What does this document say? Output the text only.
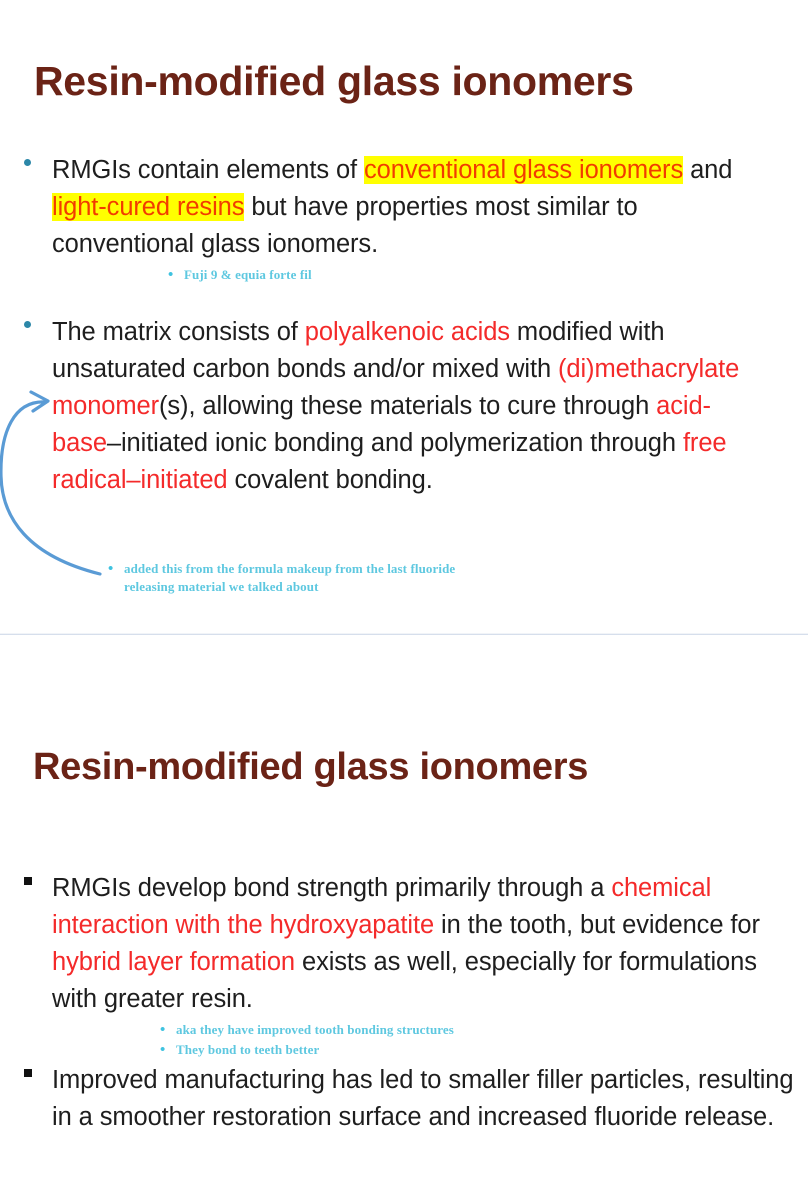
Resin-modified glass ionomers
RMGIs contain elements of conventional glass ionomers and light-cured resins but have properties most similar to conventional glass ionomers.
• Fuji 9 & equia forte fil
The matrix consists of polyalkenoic acids modified with unsaturated carbon bonds and/or mixed with (di)methacrylate monomer(s), allowing these materials to cure through acid-base–initiated ionic bonding and polymerization through free radical–initiated covalent bonding.
• added this from the formula makeup from the last fluoride
releasing material we talked about
Resin-modified glass ionomers
RMGIs develop bond strength primarily through a chemical interaction with the hydroxyapatite in the tooth, but evidence for hybrid layer formation exists as well, especially for formulations with greater resin.
• aka they have improved tooth bonding structures
• They bond to teeth better
Improved manufacturing has led to smaller filler particles, resulting in a smoother restoration surface and increased fluoride release.
